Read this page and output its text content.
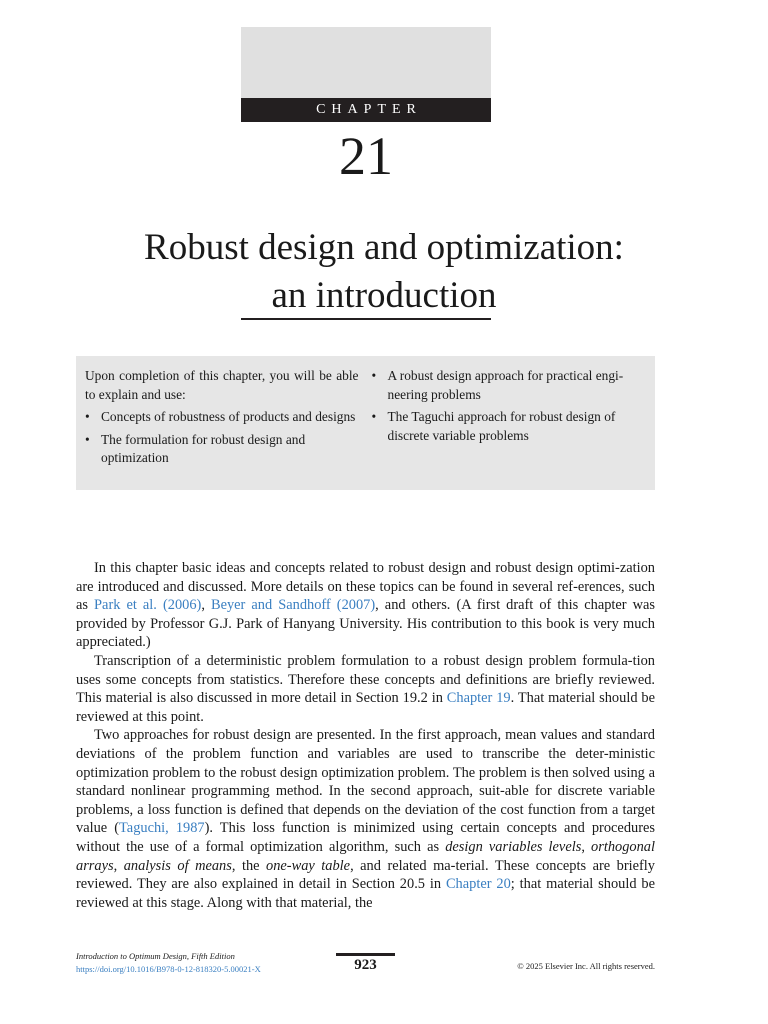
CHAPTER
21
Robust design and optimization:
an introduction
Upon completion of this chapter, you will be able to explain and use:
• Concepts of robustness of products and designs
• The formulation for robust design and optimization
• A robust design approach for practical engi-neering problems
• The Taguchi approach for robust design of discrete variable problems

In this chapter basic ideas and concepts related to robust design and robust design optimi-zation are introduced and discussed. More details on these topics can be found in several ref-erences, such as Park et al. (2006), Beyer and Sandhoff (2007), and others. (A first draft of this chapter was provided by Professor G.J. Park of Hanyang University. His contribution to this book is very much appreciated.)

Transcription of a deterministic problem formulation to a robust design problem formula-tion uses some concepts from statistics. Therefore these concepts and definitions are briefly reviewed. This material is also discussed in more detail in Section 19.2 in Chapter 19. That material should be reviewed at this point.

Two approaches for robust design are presented. In the first approach, mean values and standard deviations of the problem function and variables are used to transcribe the deter-ministic optimization problem to the robust design optimization problem. The problem is then solved using a standard nonlinear programming method. In the second approach, suit-able for discrete variable problems, a loss function is defined that depends on the deviation of the cost function from a target value (Taguchi, 1987). This loss function is minimized using certain concepts and procedures without the use of a formal optimization algorithm, such as design variables levels, orthogonal arrays, analysis of means, the one-way table, and related ma-terial. These concepts are briefly reviewed. They are also explained in detail in Section 20.5 in Chapter 20; that material should be reviewed at this stage. Along with that material, the

Introduction to Optimum Design, Fifth Edition
https://doi.org/10.1016/B978-0-12-818320-5.00021-X	923	© 2025 Elsevier Inc. All rights reserved.
